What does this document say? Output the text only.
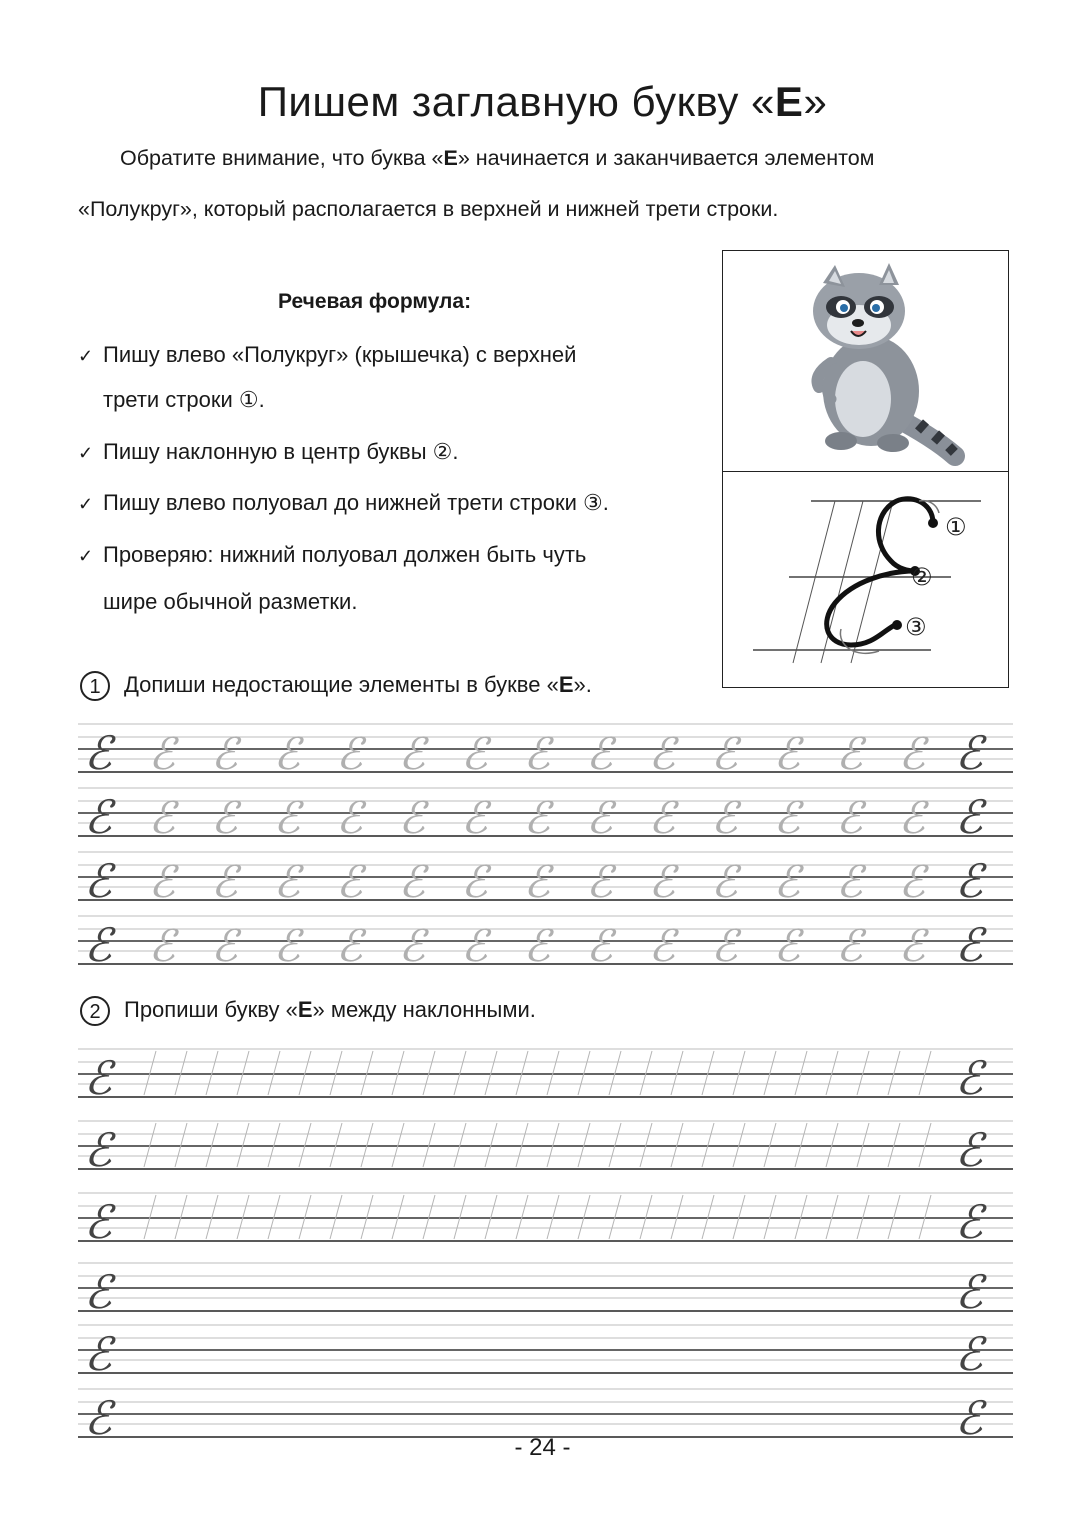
Пишем заглавную букву «Е»

Обратите внимание, что буква «Е» начинается и заканчивается элементом

«Полукруг», который располагается в верхней и нижней трети строки.

Речевая формула:

✓ Пишу влево «Полукруг» (крышечка) с верхней

трети строки ①.

✓ Пишу наклонную в центр буквы ②.

✓ Пишу влево полуовал до нижней трети строки ③.

✓ Проверяю: нижний полуовал должен быть чуть

шире обычной разметки.

①
②
③

1 Допиши недостающие элементы в букве «Е».

ℰ	ℰ
ℰ ℰ ℰ ℰ ℰ ℰ ℰ ℰ ℰ ℰ ℰ ℰ ℰ
ℰ	ℰ
ℰ ℰ ℰ ℰ ℰ ℰ ℰ ℰ ℰ ℰ ℰ ℰ ℰ
ℰ	ℰ
ℰ ℰ ℰ ℰ ℰ ℰ ℰ ℰ ℰ ℰ ℰ ℰ ℰ
ℰ	ℰ
ℰ ℰ ℰ ℰ ℰ ℰ ℰ ℰ ℰ ℰ ℰ ℰ ℰ

2 Пропиши букву «Е» между наклонными.

ℰ	ℰ
ℰ	ℰ
ℰ	ℰ
ℰ	ℰ
ℰ	ℰ
ℰ	ℰ

- 24 -
